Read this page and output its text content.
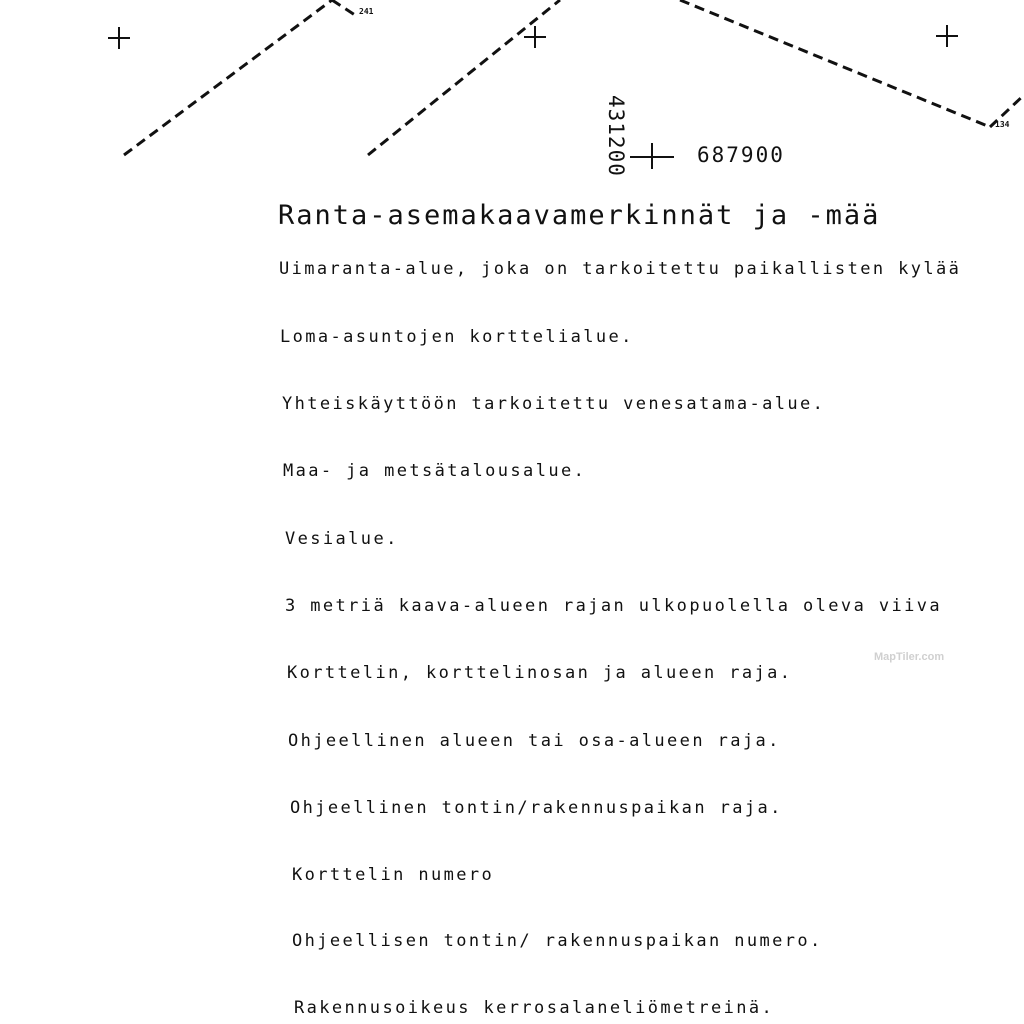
241
134
431200	687900
Ranta-asemakaavamerkinnät ja -mää
Uimaranta-alue, joka on tarkoitettu paikallisten kylää
Loma-asuntojen korttelialue.
Yhteiskäyttöön tarkoitettu venesatama-alue.
Maa- ja metsätalousalue.
Vesialue.
3 metriä kaava-alueen rajan ulkopuolella oleva viiva
Korttelin, korttelinosan ja alueen raja.
Ohjeellinen alueen tai osa-alueen raja.
Ohjeellinen tontin/rakennuspaikan raja.
Korttelin numero
Ohjeellisen tontin/ rakennuspaikan numero.
Rakennusoikeus kerrosalaneliömetreinä.
MapTiler.com
